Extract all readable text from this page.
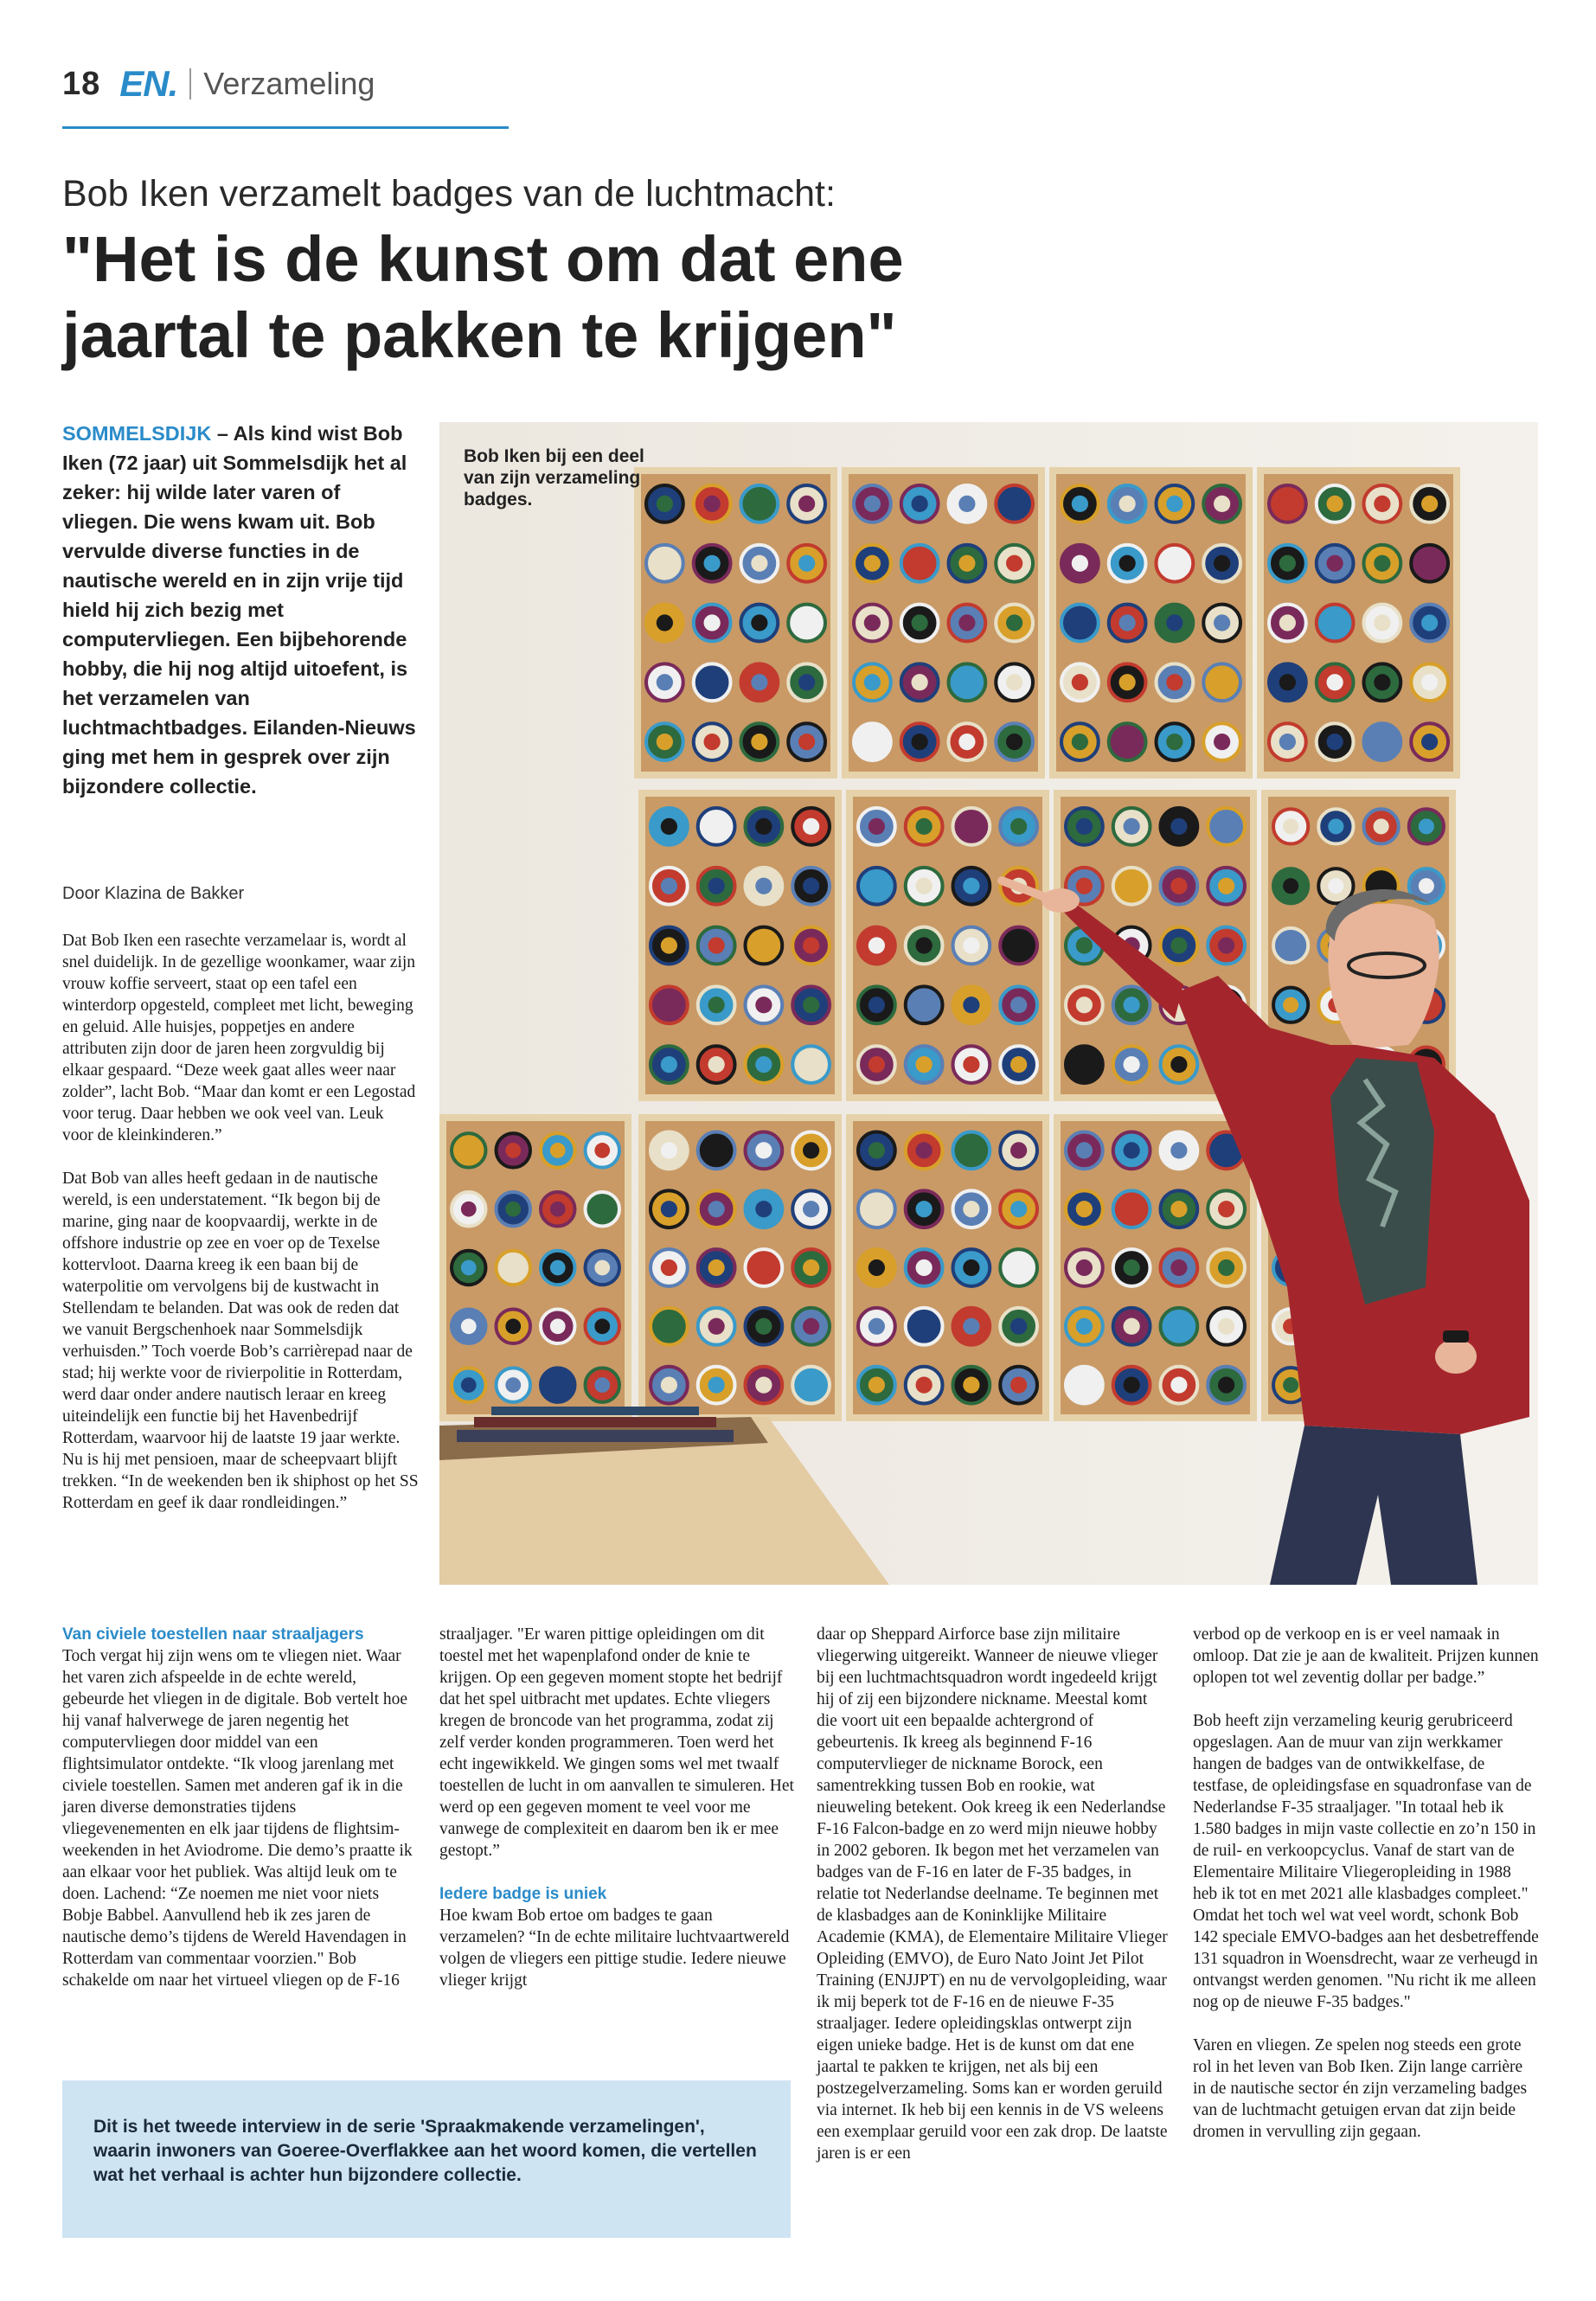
18 EN. Verzameling
Bob Iken verzamelt badges van de luchtmacht:
"Het is de kunst om dat ene
jaartal te pakken te krijgen"
SOMMELSDIJK – Als kind wist Bob Iken (72 jaar) uit Sommelsdijk het al zeker: hij wilde later varen of vliegen. Die wens kwam uit. Bob vervulde diverse functies in de nautische wereld en in zijn vrije tijd hield hij zich bezig met computervliegen. Een bijbehorende hobby, die hij nog altijd uitoefent, is het verzamelen van luchtmachtbadges. Eilanden-Nieuws ging met hem in gesprek over zijn bijzondere collectie.
Door Klazina de Bakker

Dat Bob Iken een rasechte verzamelaar is, wordt al snel duidelijk. In de gezellige woonkamer, waar zijn vrouw koffie serveert, staat op een tafel een winterdorp opgesteld, compleet met licht, beweging en geluid. Alle huisjes, poppetjes en andere attributen zijn door de jaren heen zorgvuldig bij elkaar gespaard. “Deze week gaat alles weer naar zolder”, lacht Bob. “Maar dan komt er een Legostad voor terug. Daar hebben we ook veel van. Leuk voor de kleinkinderen.”

Dat Bob van alles heeft gedaan in de nautische wereld, is een understatement. “Ik begon bij de marine, ging naar de koopvaardij, werkte in de offshore industrie op zee en voer op de Texelse kottervloot. Daarna kreeg ik een baan bij de waterpolitie om vervolgens bij de kustwacht in Stellendam te belanden. Dat was ook de reden dat we vanuit Bergschenhoek naar Sommelsdijk verhuisden.” Toch voerde Bob’s carrièrepad naar de stad; hij werkte voor de rivierpolitie in Rotterdam, werd daar onder andere nautisch leraar en kreeg uiteindelijk een functie bij het Havenbedrijf Rotterdam, waarvoor hij de laatste 19 jaar werkte. Nu is hij met pensioen, maar de scheepvaart blijft trekken. “In de weekenden ben ik shiphost op het SS Rotterdam en geef ik daar rondleidingen.”

Van civiele toestellen naar straaljagers

Toch vergat hij zijn wens om te vliegen niet. Waar het varen zich afspeelde in de echte wereld, gebeurde het vliegen in de digitale. Bob vertelt hoe hij vanaf halverwege de jaren negentig het computervliegen door middel van een flightsimulator ontdekte. “Ik vloog jarenlang met civiele toestellen. Samen met anderen gaf ik in die jaren diverse demonstraties tijdens vliegevenementen en elk jaar tijdens de flightsim-weekenden in het Aviodrome. Die demo’s praatte ik aan elkaar voor het publiek. Was altijd leuk om te doen. Lachend: “Ze noemen me niet voor niets Bobje Babbel. Aanvullend heb ik zes jaren de nautische demo’s tijdens de Wereld Havendagen in Rotterdam van commentaar voorzien." Bob schakelde om naar het virtueel vliegen op de F-16

straaljager. "Er waren pittige opleidingen om dit toestel met het wapenplafond onder de knie te krijgen. Op een gegeven moment stopte het bedrijf dat het spel uitbracht met updates. Echte vliegers kregen de broncode van het programma, zodat zij zelf verder konden programmeren. Toen werd het echt ingewikkeld. We gingen soms wel met twaalf toestellen de lucht in om aanvallen te simuleren. Het werd op een gegeven moment te veel voor me vanwege de complexiteit en daarom ben ik er mee gestopt.”

Iedere badge is uniek

Hoe kwam Bob ertoe om badges te gaan verzamelen? “In de echte militaire luchtvaartwereld volgen de vliegers een pittige studie. Iedere nieuwe vlieger krijgt

daar op Sheppard Airforce base zijn militaire vliegerwing uitgereikt. Wanneer de nieuwe vlieger bij een luchtmachtsquadron wordt ingedeeld krijgt hij of zij een bijzondere nickname. Meestal komt die voort uit een bepaalde achtergrond of gebeurtenis. Ik kreeg als beginnend F-16 computervlieger de nickname Borock, een samentrekking tussen Bob en rookie, wat nieuweling betekent. Ook kreeg ik een Nederlandse F-16 Falcon-badge en zo werd mijn nieuwe hobby in 2002 geboren. Ik begon met het verzamelen van badges van de F-16 en later de F-35 badges, in relatie tot Nederlandse deelname. Te beginnen met de klasbadges aan de Koninklijke Militaire Academie (KMA), de Elementaire Militaire Vlieger Opleiding (EMVO), de Euro Nato Joint Jet Pilot Training (ENJJPT) en nu de vervolgopleiding, waar ik mij beperk tot de F-16 en de nieuwe F-35 straaljager. Iedere opleidingsklas ontwerpt zijn eigen unieke badge. Het is de kunst om dat ene jaartal te pakken te krijgen, net als bij een postzegelverzameling. Soms kan er worden geruild via internet. Ik heb bij een kennis in de VS weleens een exemplaar geruild voor een zak drop. De laatste jaren is er een

verbod op de verkoop en is er veel namaak in omloop. Dat zie je aan de kwaliteit. Prijzen kunnen oplopen tot wel zeventig dollar per badge.”

Bob heeft zijn verzameling keurig gerubriceerd opgeslagen. Aan de muur van zijn werkkamer hangen de badges van de ontwikkelfase, de testfase, de opleidingsfase en squadronfase van de Nederlandse F-35 straaljager. "In totaal heb ik 1.580 badges in mijn vaste collectie en zo’n 150 in de ruil- en verkoopcyclus. Vanaf de start van de Elementaire Militaire Vliegeropleiding in 1988 heb ik tot en met 2021 alle klasbadges compleet." Omdat het toch wel wat veel wordt, schonk Bob 142 speciale EMVO-badges aan het desbetreffende 131 squadron in Woensdrecht, waar ze verheugd in ontvangst werden genomen. "Nu richt ik me alleen nog op de nieuwe F-35 badges."

Varen en vliegen. Ze spelen nog steeds een grote rol in het leven van Bob Iken. Zijn lange carrière in de nautische sector én zijn verzameling badges van de luchtmacht getuigen ervan dat zijn beide dromen in vervulling zijn gegaan.

Bob Iken bij een deel van zijn verzameling badges.
Dit is het tweede interview in de serie 'Spraakmakende verzamelingen', waarin inwoners van Goeree-Overflakkee aan het woord komen, die vertellen wat het verhaal is achter hun bijzondere collectie.
